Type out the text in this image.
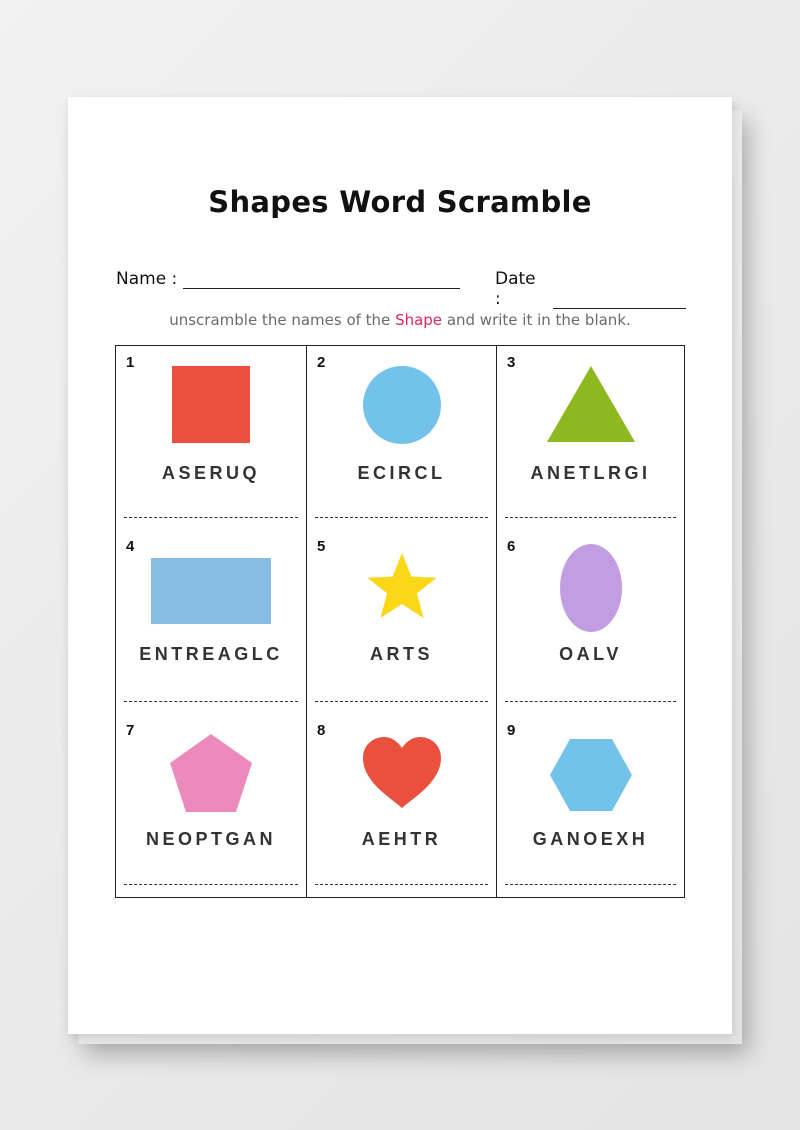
Shapes Word Scramble
Name :	Date :
unscramble the names of the Shape and write it in the blank.
1
ASERUQ
2
ECIRCL
3
ANETLRGI
4
ENTREAGLC
5
ARTS
6
OALV
7
NEOPTGAN
8
AEHTR
9
GANOEXH
